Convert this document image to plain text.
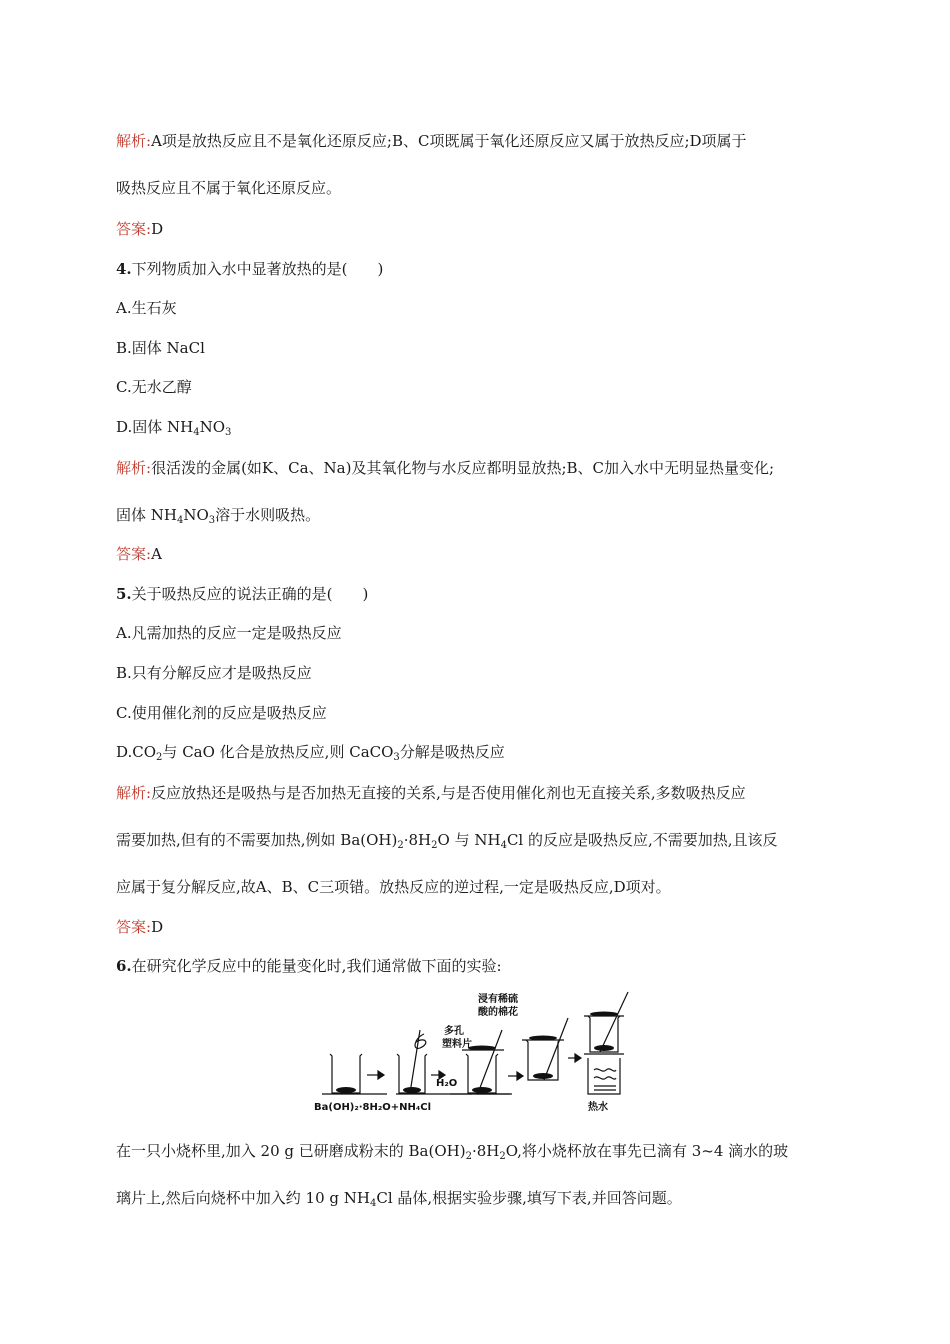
解析:A项是放热反应且不是氧化还原反应;B、C项既属于氧化还原反应又属于放热反应;D项属于
吸热反应且不属于氧化还原反应。
答案:D
4.下列物质加入水中显著放热的是(　　)
A.生石灰
B.固体 NaCl
C.无水乙醇
D.固体 $NH_4NO_3$
解析:很活泼的金属(如K、Ca、Na)及其氧化物与水反应都明显放热;B、C加入水中无明显热量变化;
固体 $NH_4NO_3$溶于水则吸热。
答案:A
5.关于吸热反应的说法正确的是(　　)
A.凡需加热的反应一定是吸热反应
B.只有分解反应才是吸热反应
C.使用催化剂的反应是吸热反应
$D.CO_2$与 CaO 化合是放热反应,则 CaCO$_3$分解是吸热反应
解析:反应放热还是吸热与是否加热无直接的关系,与是否使用催化剂也无直接关系,多数吸热反应
需要加热,但有的不需要加热,例如 $Ba(OH)_2\cdot 8H_2O$ 与 $NH_4Cl$ 的反应是吸热反应,不需要加热,且该反
应属于复分解反应,故A、B、C三项错。放热反应的逆过程,一定是吸热反应,D项对。
答案:D
6.在研究化学反应中的能量变化时,我们通常做下面的实验:
Ba(OH)₂·8H₂O+NH₄Cl
H₂O
多孔
塑料片
浸有稀硫
酸的棉花
热水
在一只小烧杯里,加入 20 g 已研磨成粉末的 $Ba(OH)_2\cdot 8H_2O$,将小烧杯放在事先已滴有 3~4 滴水的玻
璃片上,然后向烧杯中加入约 10 g $NH_4Cl$ 晶体,根据实验步骤,填写下表,并回答问题。
